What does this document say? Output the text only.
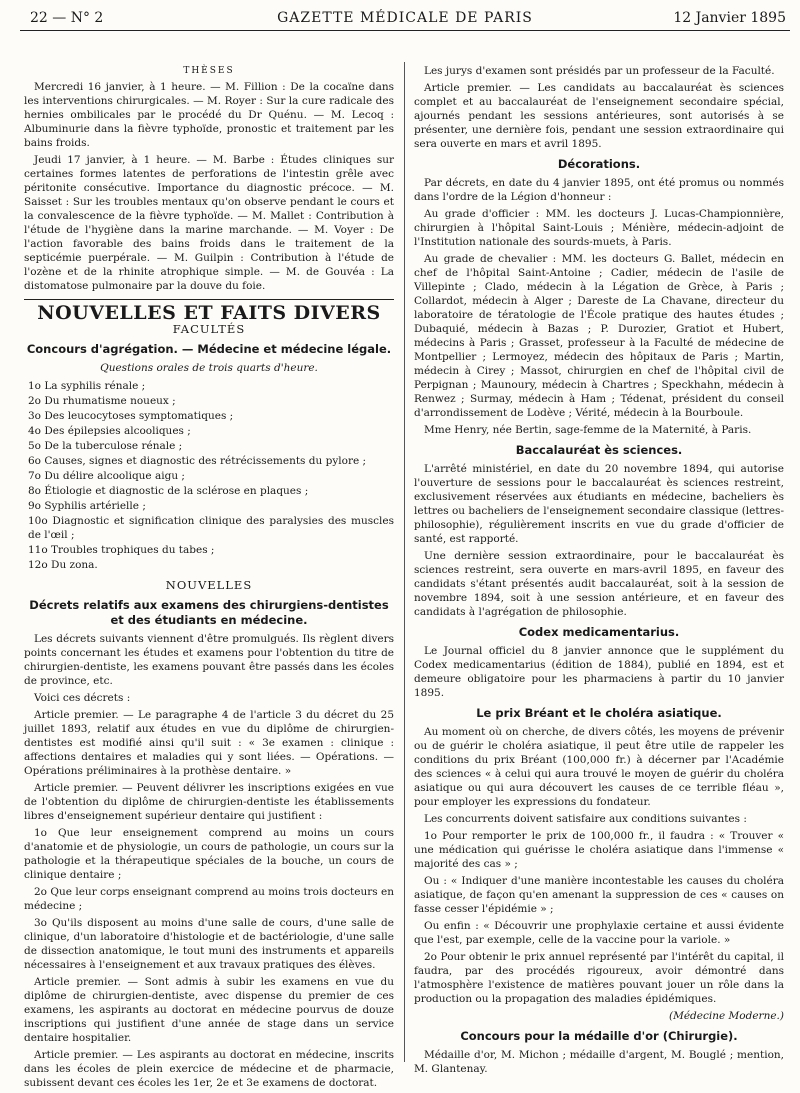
22 — N° 2	GAZETTE MÉDICALE DE PARIS	12 Janvier 1895
THÈSES

Mercredi 16 janvier, à 1 heure. — M. Fillion : De la cocaïne dans les interventions chirurgicales. — M. Royer : Sur la cure radicale des hernies ombilicales par le procédé du Dr Quénu. — M. Lecoq : Albuminurie dans la fièvre typhoïde, pronostic et traitement par les bains froids.

Jeudi 17 janvier, à 1 heure. — M. Barbe : Études cliniques sur certaines formes latentes de perforations de l'intestin grêle avec péritonite consécutive. Importance du diagnostic précoce. — M. Saisset : Sur les troubles mentaux qu'on observe pendant le cours et la convalescence de la fièvre typhoïde. — M. Mallet : Contribution à l'étude de l'hygiène dans la marine marchande. — M. Voyer : De l'action favorable des bains froids dans le traitement de la septicémie puerpérale. — M. Guilpin : Contribution à l'étude de l'ozène et de la rhinite atrophique simple. — M. de Gouvéa : La distomatose pulmonaire par la douve du foie.

NOUVELLES ET FAITS DIVERS
FACULTÉS
Concours d'agrégation. — Médecine et médecine légale.
Questions orales de trois quarts d'heure.
1o La syphilis rénale ;
2o Du rhumatisme noueux ;
3o Des leucocytoses symptomatiques ;
4o Des épilepsies alcooliques ;
5o De la tuberculose rénale ;
6o Causes, signes et diagnostic des rétrécissements du pylore ;
7o Du délire alcoolique aigu ;
8o Étiologie et diagnostic de la sclérose en plaques ;
9o Syphilis artérielle ;
10o Diagnostic et signification clinique des paralysies des muscles de l'œil ;
11o Troubles trophiques du tabes ;
12o Du zona.
NOUVELLES
Décrets relatifs aux examens des chirurgiens-dentistes et des étudiants en médecine.

Les décrets suivants viennent d'être promulgués. Ils règlent divers points concernant les études et examens pour l'obtention du titre de chirurgien-dentiste, les examens pouvant être passés dans les écoles de province, etc.

Voici ces décrets :

Article premier. — Le paragraphe 4 de l'article 3 du décret du 25 juillet 1893, relatif aux études en vue du diplôme de chirurgien-dentistes est modifié ainsi qu'il suit : « 3e examen : clinique : affections dentaires et maladies qui y sont liées. — Opérations. — Opérations préliminaires à la prothèse dentaire. »

Article premier. — Peuvent délivrer les inscriptions exigées en vue de l'obtention du diplôme de chirurgien-dentiste les établissements libres d'enseignement supérieur dentaire qui justifient :

1o Que leur enseignement comprend au moins un cours d'anatomie et de physiologie, un cours de pathologie, un cours sur la pathologie et la thérapeutique spéciales de la bouche, un cours de clinique dentaire ;

2o Que leur corps enseignant comprend au moins trois docteurs en médecine ;

3o Qu'ils disposent au moins d'une salle de cours, d'une salle de clinique, d'un laboratoire d'histologie et de bactériologie, d'une salle de dissection anatomique, le tout muni des instruments et appareils nécessaires à l'enseignement et aux travaux pratiques des élèves.

Article premier. — Sont admis à subir les examens en vue du diplôme de chirurgien-dentiste, avec dispense du premier de ces examens, les aspirants au doctorat en médecine pourvus de douze inscriptions qui justifient d'une année de stage dans un service dentaire hospitalier.

Article premier. — Les aspirants au doctorat en médecine, inscrits dans les écoles de plein exercice de médecine et de pharmacie, subissent devant ces écoles les 1er, 2e et 3e examens de doctorat.

Les jurys d'examen sont présidés par un professeur de la Faculté.

Article premier. — Les candidats au baccalauréat ès sciences complet et au baccalauréat de l'enseignement secondaire spécial, ajournés pendant les sessions antérieures, sont autorisés à se présenter, une dernière fois, pendant une session extraordinaire qui sera ouverte en mars et avril 1895.

Décorations.

Par décrets, en date du 4 janvier 1895, ont été promus ou nommés dans l'ordre de la Légion d'honneur :

Au grade d'officier : MM. les docteurs J. Lucas-Championnière, chirurgien à l'hôpital Saint-Louis ; Ménière, médecin-adjoint de l'Institution nationale des sourds-muets, à Paris.

Au grade de chevalier : MM. les docteurs G. Ballet, médecin en chef de l'hôpital Saint-Antoine ; Cadier, médecin de l'asile de Villepinte ; Clado, médecin à la Légation de Grèce, à Paris ; Collardot, médecin à Alger ; Dareste de La Chavane, directeur du laboratoire de tératologie de l'École pratique des hautes études ; Dubaquié, médecin à Bazas ; P. Durozier, Gratiot et Hubert, médecins à Paris ; Grasset, professeur à la Faculté de médecine de Montpellier ; Lermoyez, médecin des hôpitaux de Paris ; Martin, médecin à Cirey ; Massot, chirurgien en chef de l'hôpital civil de Perpignan ; Maunoury, médecin à Chartres ; Speckhahn, médecin à Renwez ; Surmay, médecin à Ham ; Tédenat, président du conseil d'arrondissement de Lodève ; Vérité, médecin à la Bourboule.

Mme Henry, née Bertin, sage-femme de la Maternité, à Paris.

Baccalauréat ès sciences.

L'arrêté ministériel, en date du 20 novembre 1894, qui autorise l'ouverture de sessions pour le baccalauréat ès sciences restreint, exclusivement réservées aux étudiants en médecine, bacheliers ès lettres ou bacheliers de l'enseignement secondaire classique (lettres-philosophie), régulièrement inscrits en vue du grade d'officier de santé, est rapporté.

Une dernière session extraordinaire, pour le baccalauréat ès sciences restreint, sera ouverte en mars-avril 1895, en faveur des candidats s'étant présentés audit baccalauréat, soit à la session de novembre 1894, soit à une session antérieure, et en faveur des candidats à l'agrégation de philosophie.

Codex medicamentarius.

Le Journal officiel du 8 janvier annonce que le supplément du Codex medicamentarius (édition de 1884), publié en 1894, est et demeure obligatoire pour les pharmaciens à partir du 10 janvier 1895.

Le prix Bréant et le choléra asiatique.

Au moment où on cherche, de divers côtés, les moyens de prévenir ou de guérir le choléra asiatique, il peut être utile de rappeler les conditions du prix Bréant (100,000 fr.) à décerner par l'Académie des sciences « à celui qui aura trouvé le moyen de guérir du choléra asiatique ou qui aura découvert les causes de ce terrible fléau », pour employer les expressions du fondateur.

Les concurrents doivent satisfaire aux conditions suivantes :

1o Pour remporter le prix de 100,000 fr., il faudra : « Trouver « une médication qui guérisse le choléra asiatique dans l'immense « majorité des cas » ;

Ou : « Indiquer d'une manière incontestable les causes du choléra asiatique, de façon qu'en amenant la suppression de ces « causes on fasse cesser l'épidémie » ;

Ou enfin : « Découvrir une prophylaxie certaine et aussi évidente que l'est, par exemple, celle de la vaccine pour la variole. »

2o Pour obtenir le prix annuel représenté par l'intérêt du capital, il faudra, par des procédés rigoureux, avoir démontré dans l'atmosphère l'existence de matières pouvant jouer un rôle dans la production ou la propagation des maladies épidémiques.

(Médecine Moderne.)
Concours pour la médaille d'or (Chirurgie).

Médaille d'or, M. Michon ; médaille d'argent, M. Bouglé ; mention, M. Glantenay.
